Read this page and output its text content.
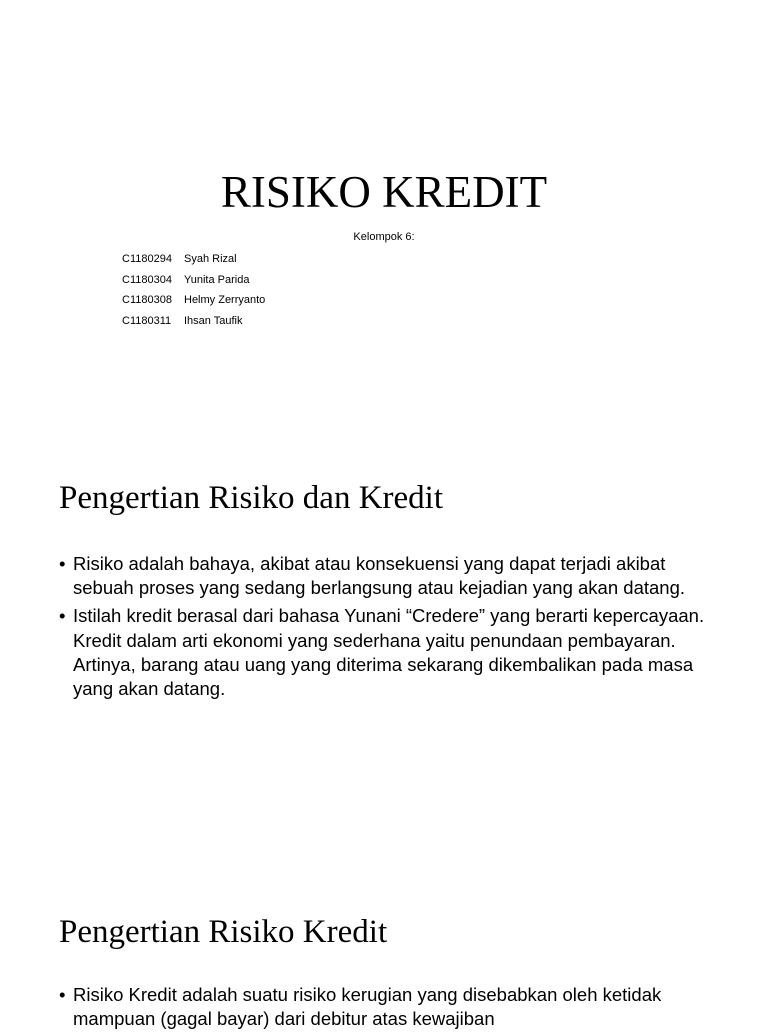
RISIKO KREDIT
Kelompok 6:
C1180294 Syah Rizal
C1180304 Yunita Parida
C1180308 Helmy Zerryanto
C1180311 Ihsan Taufik
Pengertian Risiko dan Kredit
• Risiko adalah bahaya, akibat atau konsekuensi yang dapat terjadi akibat sebuah proses yang sedang berlangsung atau kejadian yang akan datang.
• Istilah kredit berasal dari bahasa Yunani “Credere” yang berarti kepercayaan. Kredit dalam arti ekonomi yang sederhana yaitu penundaan pembayaran. Artinya, barang atau uang yang diterima sekarang dikembalikan pada masa yang akan datang.
Pengertian Risiko Kredit
• Risiko Kredit adalah suatu risiko kerugian yang disebabkan oleh ketidak mampuan (gagal bayar) dari debitur atas kewajiban
